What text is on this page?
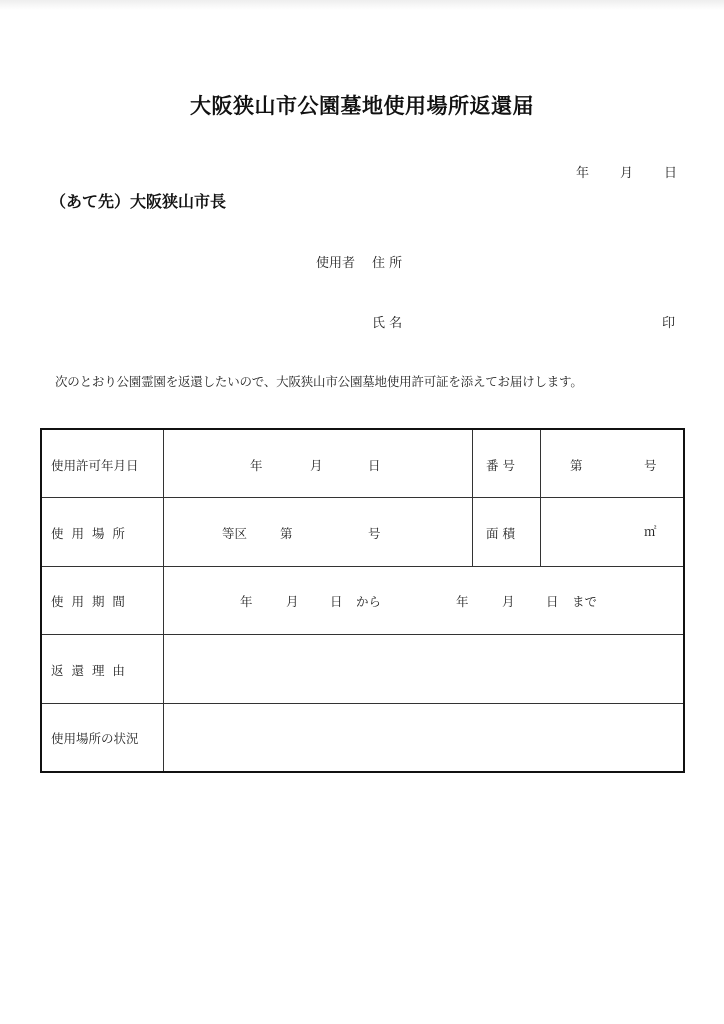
大阪狭山市公園墓地使用場所返還届
年 月 日
（あて先）大阪狭山市長
使用者 住 所
氏 名	印
次のとおり公園霊園を返還したいので、大阪狭山市公園墓地使用許可証を添えてお届けします。
使用許可年月日	年	月	日	番 号	第	号
使 用 場 所	等区	第	号	面 積	㎡
使 用 期 間	年	月	日 から	年	月	日 まで
返 還 理 由
使用場所の状況
